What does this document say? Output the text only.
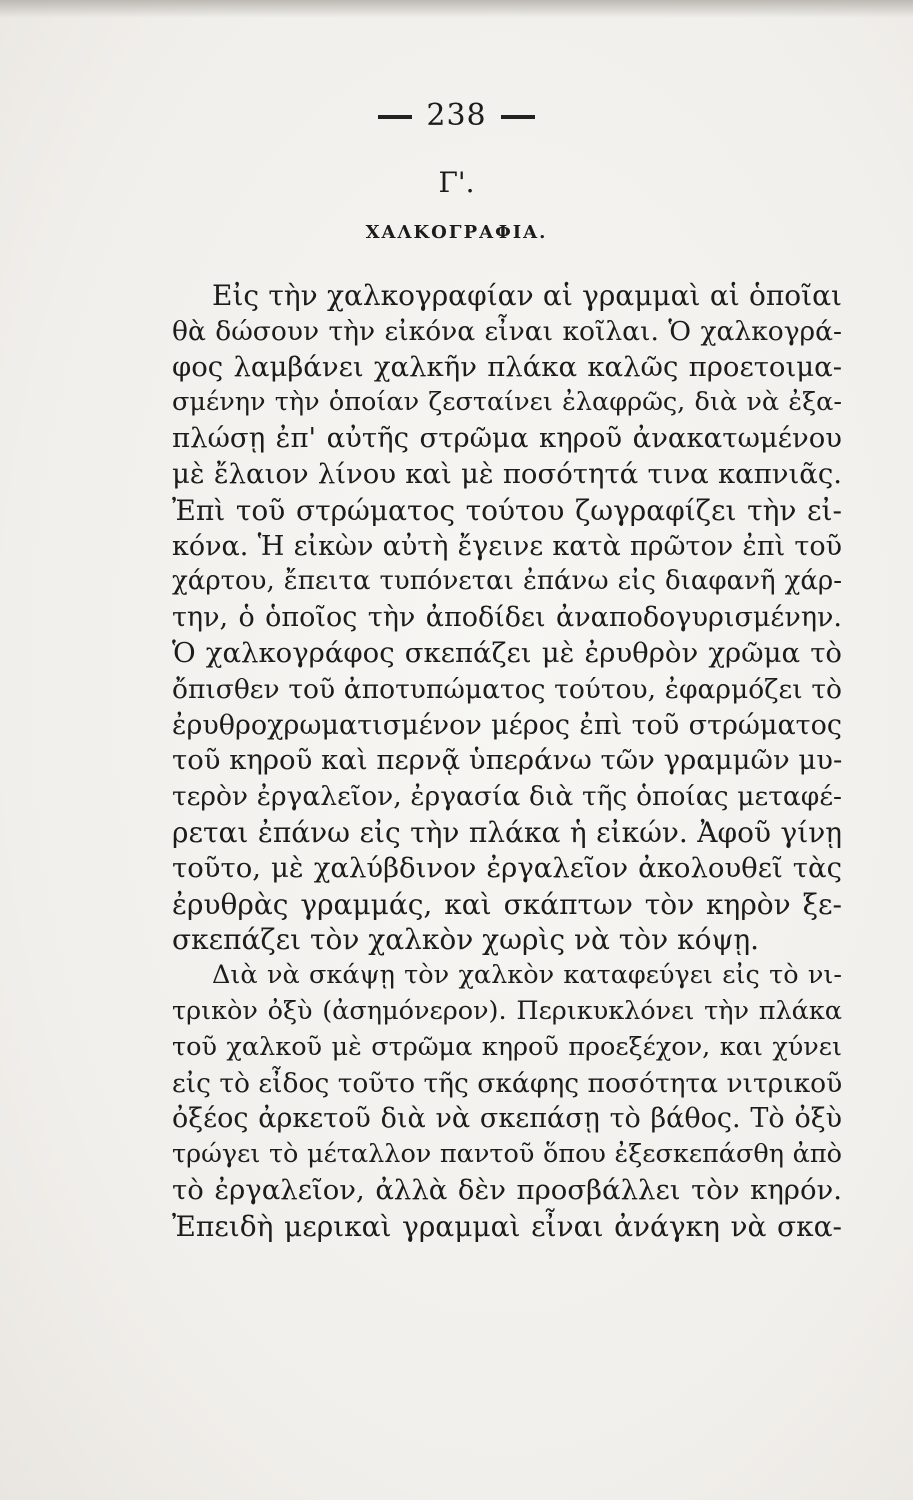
238
Γ'.
ΧΑΛΚΟΓΡΑΦΙΑ.
Εἰς τὴν χαλκογραφίαν αἱ γραμμαὶ αἱ ὁποῖαι
θὰ δώσουν τὴν εἰκόνα εἶναι κοῖλαι. Ὁ χαλκογρά-
φος λαμβάνει χαλκῆν πλάκα καλῶς προετοιμα-
σμένην τὴν ὁποίαν ζεσταίνει ἐλαφρῶς, διὰ νὰ ἐξα-
πλώσῃ ἐπ' αὐτῆς στρῶμα κηροῦ ἀνακατωμένου
μὲ ἔλαιον λίνου καὶ μὲ ποσότητά τινα καπνιᾶς.
Ἐπὶ τοῦ στρώματος τούτου ζωγραφίζει τὴν εἰ-
κόνα. Ἡ εἰκὼν αὐτὴ ἔγεινε κατὰ πρῶτον ἐπὶ τοῦ
χάρτου, ἔπειτα τυπόνεται ἐπάνω εἰς διαφανῆ χάρ-
την, ὁ ὁποῖος τὴν ἀποδίδει ἀναποδογυρισμένην.
Ὁ χαλκογράφος σκεπάζει μὲ ἐρυθρὸν χρῶμα τὸ
ὄπισθεν τοῦ ἀποτυπώματος τούτου, ἐφαρμόζει τὸ
ἐρυθροχρωματισμένον μέρος ἐπὶ τοῦ στρώματος
τοῦ κηροῦ καὶ περνᾷ ὑπεράνω τῶν γραμμῶν μυ-
τερὸν ἐργαλεῖον, ἐργασία διὰ τῆς ὁποίας μεταφέ-
ρεται ἐπάνω εἰς τὴν πλάκα ἡ εἰκών. Ἀφοῦ γίνῃ
τοῦτο, μὲ χαλύβδινον ἐργαλεῖον ἀκολουθεῖ τὰς
ἐρυθρὰς γραμμάς, καὶ σκάπτων τὸν κηρὸν ξε-
σκεπάζει τὸν χαλκὸν χωρὶς νὰ τὸν κόψῃ.
Διὰ νὰ σκάψῃ τὸν χαλκὸν καταφεύγει εἰς τὸ νι-
τρικὸν ὀξὺ (ἀσημόνερον). Περικυκλόνει τὴν πλάκα
τοῦ χαλκοῦ μὲ στρῶμα κηροῦ προεξέχον, και χύνει
εἰς τὸ εἶδος τοῦτο τῆς σκάφης ποσότητα νιτρικοῦ
ὀξέος ἀρκετοῦ διὰ νὰ σκεπάσῃ τὸ βάθος. Τὸ ὀξὺ
τρώγει τὸ μέταλλον παντοῦ ὅπου ἐξεσκεπάσθη ἀπὸ
τὸ ἐργαλεῖον, ἀλλὰ δὲν προσβάλλει τὸν κηρόν.
Ἐπειδὴ μερικαὶ γραμμαὶ εἶναι ἀνάγκη νὰ σκα-
